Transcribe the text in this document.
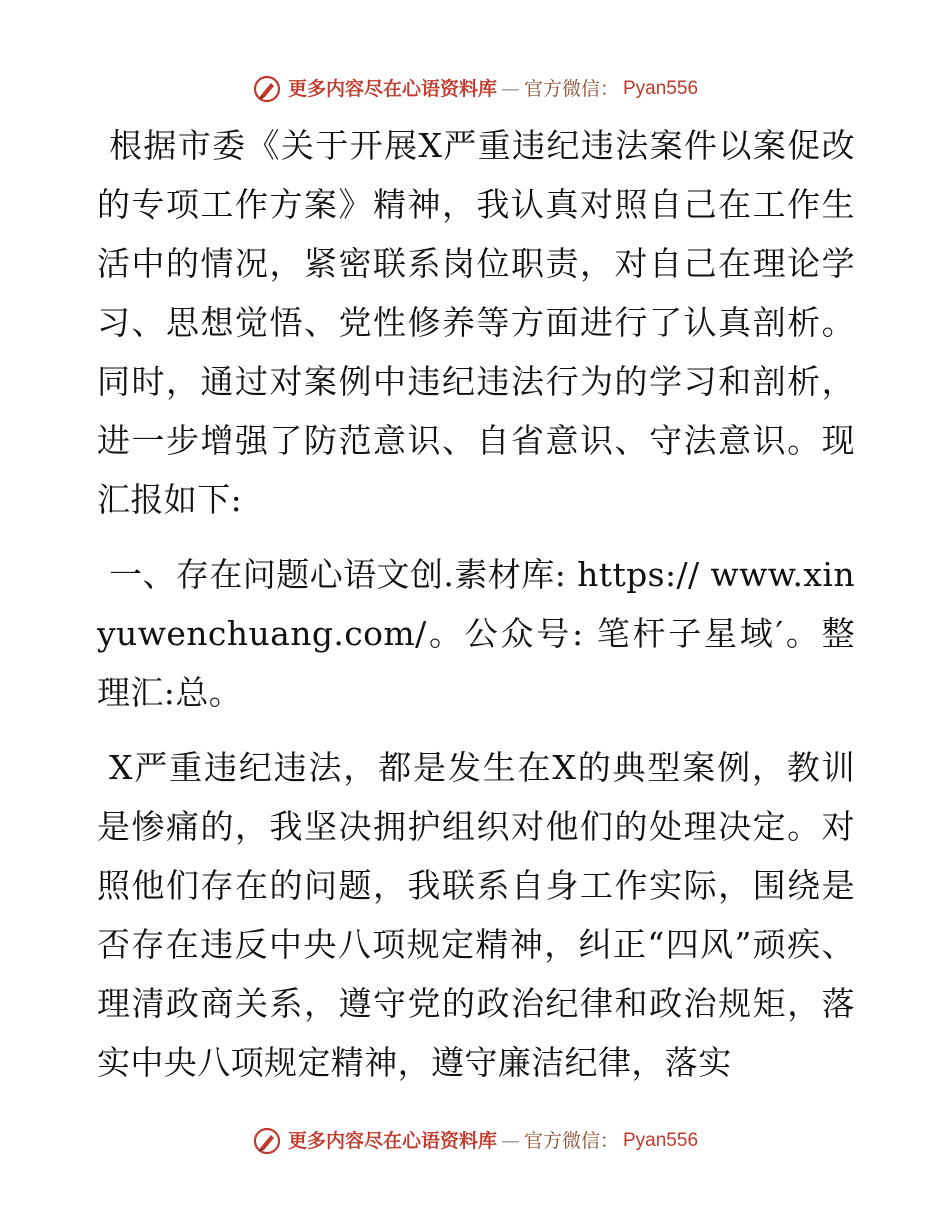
更多内容尽在心语资料库 — 官方微信： Pyan556

根据市委《关于开展X严重违纪违法案件以案促改的专项工作方案》精神，我认真对照自己在工作生活中的情况，紧密联系岗位职责，对自己在理论学习、思想觉悟、党性修养等方面进行了认真剖析。同时，通过对案例中违纪违法行为的学习和剖析，进一步增强了防范意识、自省意识、守法意识。现汇报如下:

一、存在问题心语文创.素材库: https:// www.xinyuwenchuang.com/。公众号: 笔杆子星域′。整理汇:总。

X严重违纪违法，都是发生在X的典型案例，教训是惨痛的，我坚决拥护组织对他们的处理决定。对照他们存在的问题，我联系自身工作实际，围绕是否存在违反中央八项规定精神，纠正“四风”顽疾、理清政商关系，遵守党的政治纪律和政治规矩，落实中央八项规定精神，遵守廉洁纪律，落实

更多内容尽在心语资料库 — 官方微信： Pyan556
